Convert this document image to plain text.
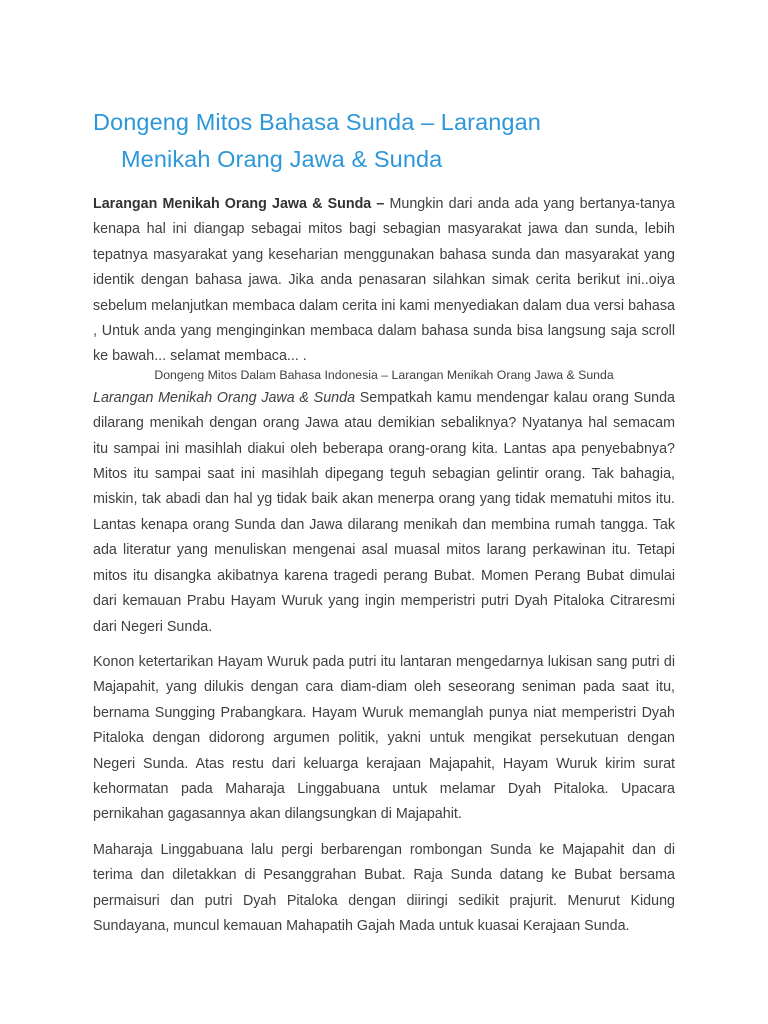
Dongeng Mitos Bahasa Sunda – Larangan
Menikah Orang Jawa & Sunda

Larangan Menikah Orang Jawa & Sunda – Mungkin dari anda ada yang bertanya-tanya kenapa hal ini diangap sebagai mitos bagi sebagian masyarakat jawa dan sunda, lebih tepatnya masyarakat yang keseharian menggunakan bahasa sunda dan masyarakat yang identik dengan bahasa jawa. Jika anda penasaran silahkan simak cerita berikut ini..oiya sebelum melanjutkan membaca dalam cerita ini kami menyediakan dalam dua versi bahasa , Untuk anda yang menginginkan membaca dalam bahasa sunda bisa langsung saja scroll ke bawah... selamat membaca... .

Dongeng Mitos Dalam Bahasa Indonesia – Larangan Menikah Orang Jawa & Sunda

Larangan Menikah Orang Jawa & Sunda Sempatkah kamu mendengar kalau orang Sunda dilarang menikah dengan orang Jawa atau demikian sebaliknya? Nyatanya hal semacam itu sampai ini masihlah diakui oleh beberapa orang-orang kita. Lantas apa penyebabnya? Mitos itu sampai saat ini masihlah dipegang teguh sebagian gelintir orang. Tak bahagia, miskin, tak abadi dan hal yg tidak baik akan menerpa orang yang tidak mematuhi mitos itu. Lantas kenapa orang Sunda dan Jawa dilarang menikah dan membina rumah tangga. Tak ada literatur yang menuliskan mengenai asal muasal mitos larang perkawinan itu. Tetapi mitos itu disangka akibatnya karena tragedi perang Bubat. Momen Perang Bubat dimulai dari kemauan Prabu Hayam Wuruk yang ingin memperistri putri Dyah Pitaloka Citraresmi dari Negeri Sunda.

Konon ketertarikan Hayam Wuruk pada putri itu lantaran mengedarnya lukisan sang putri di Majapahit, yang dilukis dengan cara diam-diam oleh seseorang seniman pada saat itu, bernama Sungging Prabangkara. Hayam Wuruk memanglah punya niat memperistri Dyah Pitaloka dengan didorong argumen politik, yakni untuk mengikat persekutuan dengan Negeri Sunda. Atas restu dari keluarga kerajaan Majapahit, Hayam Wuruk kirim surat kehormatan pada Maharaja Linggabuana untuk melamar Dyah Pitaloka. Upacara pernikahan gagasannya akan dilangsungkan di Majapahit.

Maharaja Linggabuana lalu pergi berbarengan rombongan Sunda ke Majapahit dan di terima dan diletakkan di Pesanggrahan Bubat. Raja Sunda datang ke Bubat bersama permaisuri dan putri Dyah Pitaloka dengan diiringi sedikit prajurit. Menurut Kidung Sundayana, muncul kemauan Mahapatih Gajah Mada untuk kuasai Kerajaan Sunda.
